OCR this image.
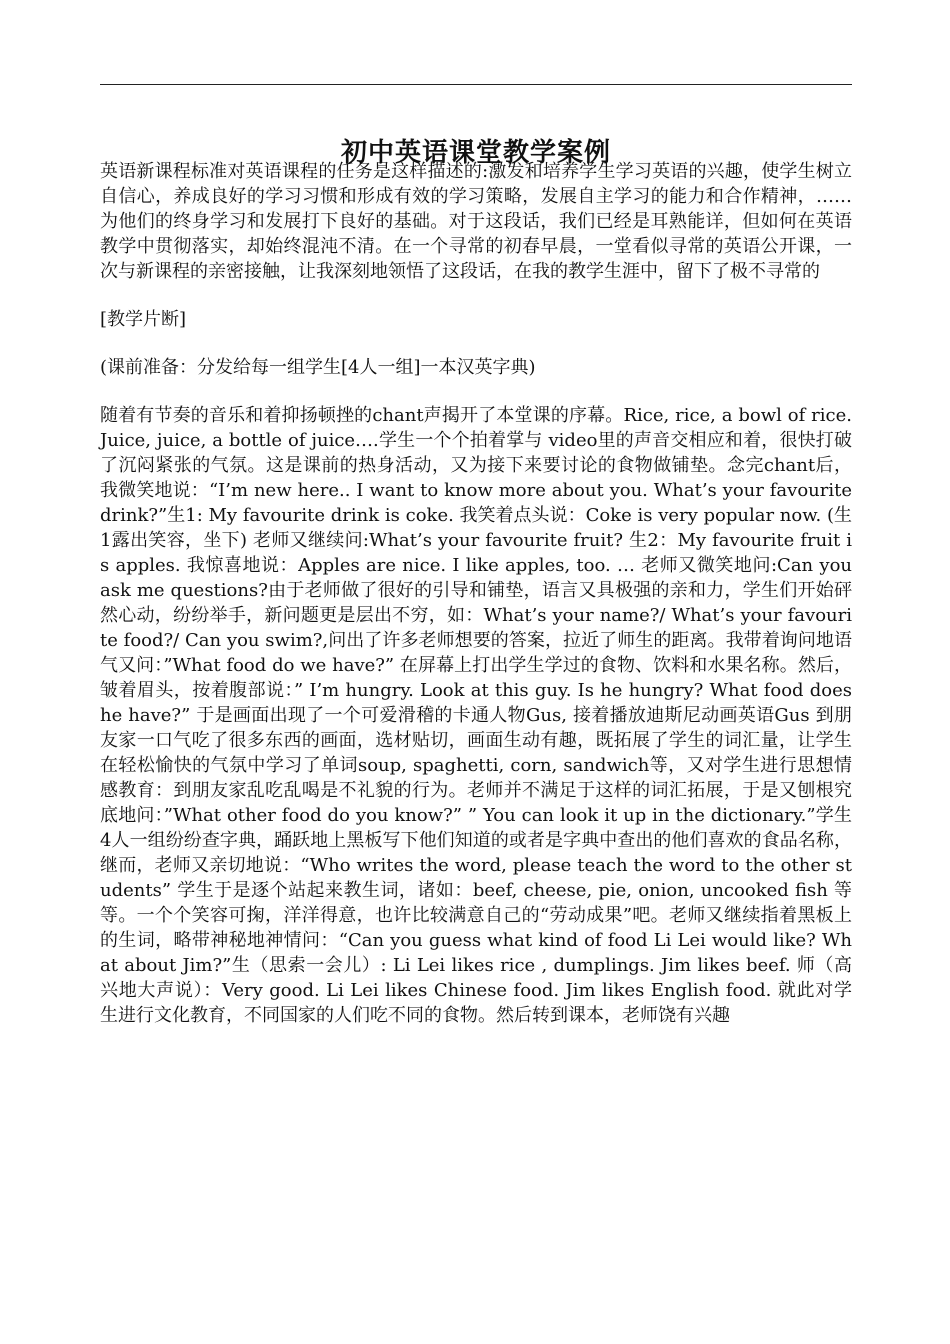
初中英语课堂教学案例

英语新课程标准对英语课程的任务是这样描述的:激发和培养学生学习英语的兴趣，使学生树立自信心，养成良好的学习习惯和形成有效的学习策略，发展自主学习的能力和合作精神，……为他们的终身学习和发展打下良好的基础。对于这段话，我们已经是耳熟能详，但如何在英语教学中贯彻落实，却始终混沌不清。在一个寻常的初春早晨，一堂看似寻常的英语公开课，一次与新课程的亲密接触，让我深刻地领悟了这段话，在我的教学生涯中，留下了极不寻常的

[教学片断]

(课前准备：分发给每一组学生[4人一组]一本汉英字典)

随着有节奏的音乐和着抑扬顿挫的chant声揭开了本堂课的序幕。Rice, rice, a bowl of rice. Juice, juice, a bottle of juice….学生一个个拍着掌与 video里的声音交相应和着，很快打破了沉闷紧张的气氛。这是课前的热身活动，又为接下来要讨论的食物做铺垫。念完chant后，我微笑地说：“I’m new here.. I want to know more about you. What’s your favourite drink?”生1: My favourite drink is coke. 我笑着点头说：Coke is very popular now. (生1露出笑容，坐下) 老师又继续问:What’s your favourite fruit? 生2：My favourite fruit is apples. 我惊喜地说：Apples are nice. I like apples, too. … 老师又微笑地问:Can you ask me questions?由于老师做了很好的引导和铺垫，语言又具极强的亲和力，学生们开始砰然心动，纷纷举手，新问题更是层出不穷，如：What’s your name?/ What’s your favourite food?/ Can you swim?,问出了许多老师想要的答案，拉近了师生的距离。我带着询问地语气又问：”What food do we have?” 在屏幕上打出学生学过的食物、饮料和水果名称。然后，皱着眉头，按着腹部说：” I’m hungry. Look at this guy. Is he hungry? What food does he have?” 于是画面出现了一个可爱滑稽的卡通人物Gus, 接着播放迪斯尼动画英语Gus 到朋友家一口气吃了很多东西的画面，选材贴切，画面生动有趣，既拓展了学生的词汇量，让学生在轻松愉快的气氛中学习了单词soup, spaghetti, corn, sandwich等，又对学生进行思想情感教育：到朋友家乱吃乱喝是不礼貌的行为。老师并不满足于这样的词汇拓展，于是又刨根究底地问：”What other food do you know?” ” You can look it up in the dictionary.”学生4人一组纷纷查字典，踊跃地上黑板写下他们知道的或者是字典中查出的他们喜欢的食品名称，继而，老师又亲切地说：“Who writes the word, please teach the word to the other students” 学生于是逐个站起来教生词，诸如：beef, cheese, pie, onion, uncooked fish 等等。一个个笑容可掬，洋洋得意，也许比较满意自己的“劳动成果”吧。老师又继续指着黑板上的生词，略带神秘地神情问：“Can you guess what kind of food Li Lei would like? What about Jim?”生（思索一会儿）: Li Lei likes rice , dumplings. Jim likes beef. 师（高兴地大声说）：Very good. Li Lei likes Chinese food. Jim likes English food. 就此对学生进行文化教育，不同国家的人们吃不同的食物。然后转到课本，老师饶有兴趣
